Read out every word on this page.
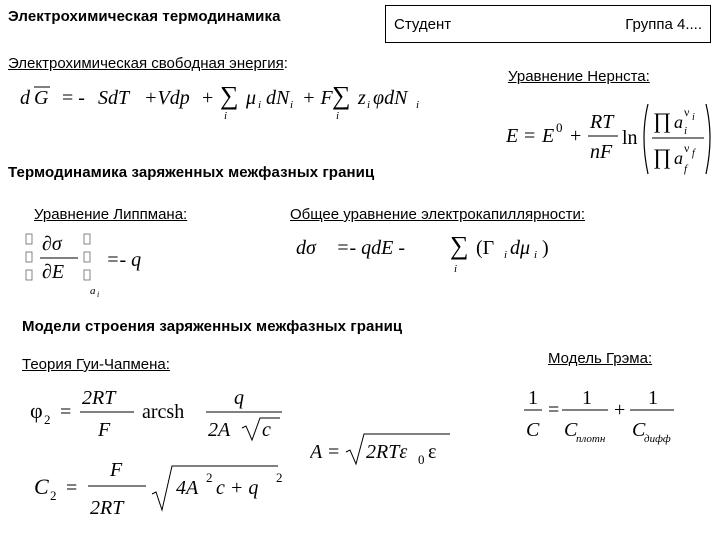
Электрохимическая термодинамика	Студент	Группа 4....
Электрохимическая свободная энергия:
d G = - SdT +Vdp + ∑
i
μ i dN i + F ∑
i
z i φdN i
Уравнение Нернста:
E = E 0 +
RT
nF
ln
∏ a ν i
i
∏ a ν f
f
Термодинамика заряженных межфазных границ
Уравнение Липпмана:	Общее уравнение электрокапиллярности:
∂σ
∂E
a i
=- q
dσ =- qdE - ∑
i
(Γ i dμ i )
Модели строения заряженных межфазных границ
Теория Гуи-Чапмена:	Модель Грэма:
φ 2 =
2RT
F
arcsh
q
2A c
C 2 =
F
2RT
4A 2 c + q 2
A = 2RTε 0 ε
1
C
=
1
C
плотн
+
1
C
дифф
